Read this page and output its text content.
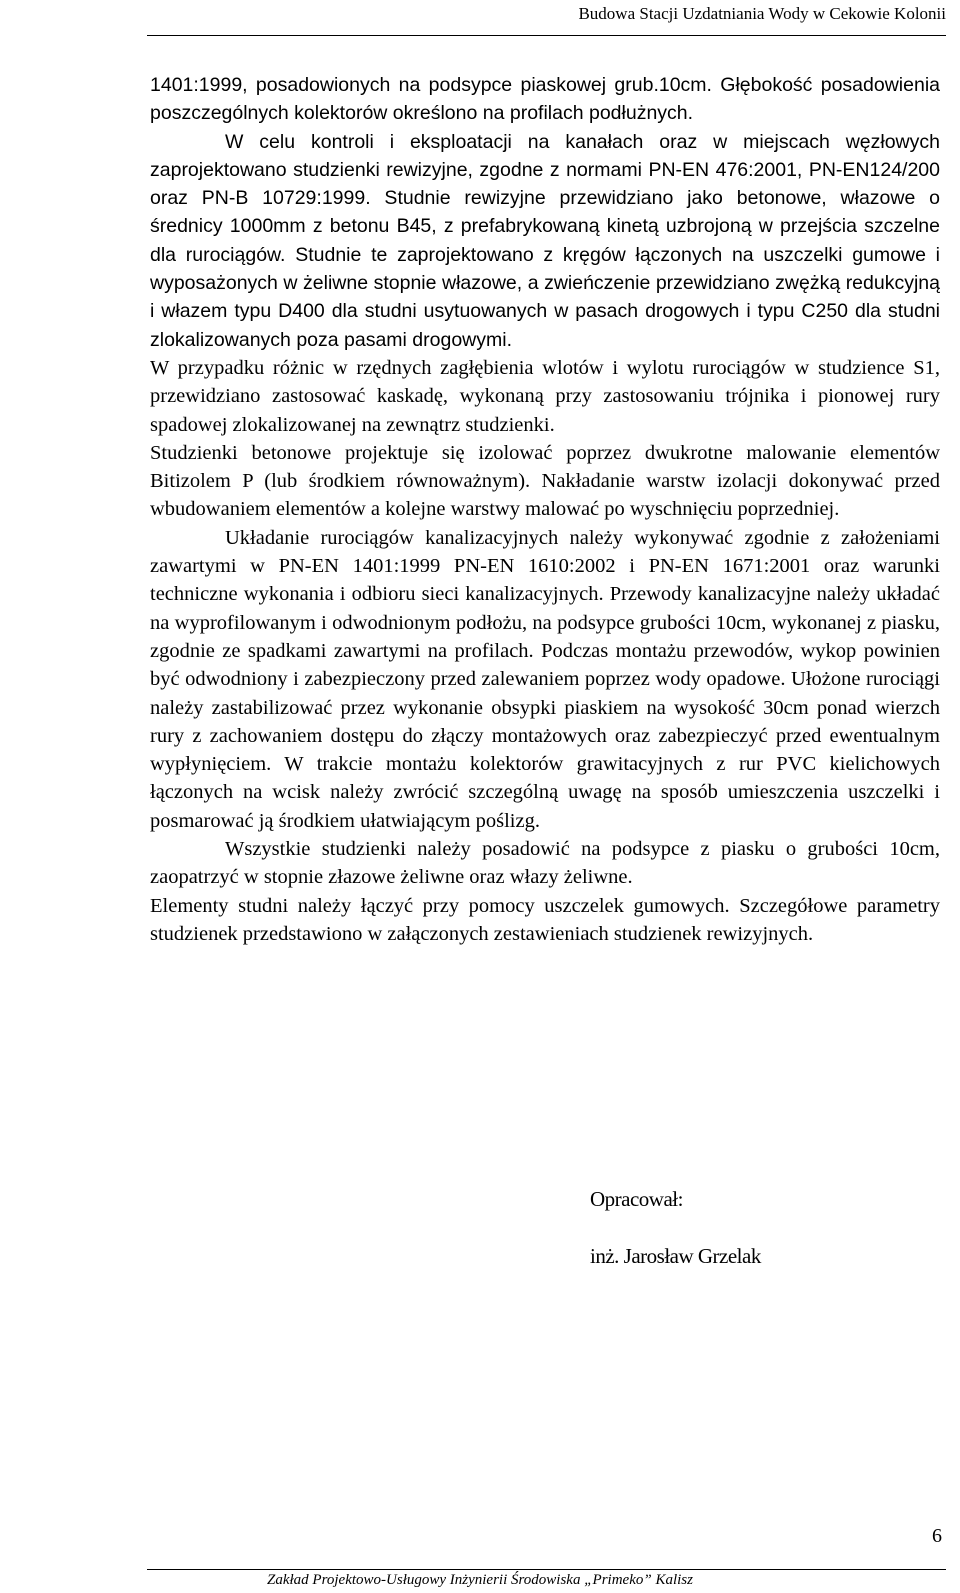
Budowa Stacji Uzdatniania Wody w Cekowie Kolonii

1401:1999, posadowionych na podsypce piaskowej grub.10cm. Głębokość posadowienia poszczególnych kolektorów określono na profilach podłużnych.

W celu kontroli i eksploatacji na kanałach oraz w miejscach węzłowych zaprojektowano studzienki rewizyjne, zgodne z normami PN-EN 476:2001, PN-EN124/200 oraz PN-B 10729:1999. Studnie rewizyjne przewidziano jako betonowe, włazowe o średnicy 1000mm z betonu B45, z prefabrykowaną kinetą uzbrojoną w przejścia szczelne dla rurociągów. Studnie te zaprojektowano z kręgów łączonych na uszczelki gumowe i wyposażonych w żeliwne stopnie włazowe, a zwieńczenie przewidziano zwężką redukcyjną i włazem typu D400 dla studni usytuowanych w pasach drogowych i typu C250 dla studni zlokalizowanych poza pasami drogowymi.

W przypadku różnic w rzędnych zagłębienia wlotów i wylotu rurociągów w studzience S1, przewidziano zastosować kaskadę, wykonaną przy zastosowaniu trójnika i pionowej rury spadowej zlokalizowanej na zewnątrz studzienki.

Studzienki betonowe projektuje się izolować poprzez dwukrotne malowanie elementów Bitizolem P (lub środkiem równoważnym). Nakładanie warstw izolacji dokonywać przed wbudowaniem elementów a kolejne warstwy malować po wyschnięciu poprzedniej.

Układanie rurociągów kanalizacyjnych należy wykonywać zgodnie z założeniami zawartymi w PN-EN 1401:1999 PN-EN 1610:2002 i PN-EN 1671:2001 oraz warunki techniczne wykonania i odbioru sieci kanalizacyjnych. Przewody kanalizacyjne należy układać na wyprofilowanym i odwodnionym podłożu, na podsypce grubości 10cm, wykonanej z piasku, zgodnie ze spadkami zawartymi na profilach. Podczas montażu przewodów, wykop powinien być odwodniony i zabezpieczony przed zalewaniem poprzez wody opadowe. Ułożone rurociągi należy zastabilizować przez wykonanie obsypki piaskiem na wysokość 30cm ponad wierzch rury z zachowaniem dostępu do złączy montażowych oraz zabezpieczyć przed ewentualnym wypłynięciem. W trakcie montażu kolektorów grawitacyjnych z rur PVC kielichowych łączonych na wcisk należy zwrócić szczególną uwagę na sposób umieszczenia uszczelki i posmarować ją środkiem ułatwiającym poślizg.

Wszystkie studzienki należy posadowić na podsypce z piasku o grubości 10cm, zaopatrzyć w stopnie złazowe żeliwne oraz włazy żeliwne.

Elementy studni należy łączyć przy pomocy uszczelek gumowych. Szczegółowe parametry studzienek przedstawiono w załączonych zestawieniach studzienek rewizyjnych.

Opracował:
inż. Jarosław Grzelak
6
Zakład Projektowo-Usługowy Inżynierii Środowiska „Primeko” Kalisz
